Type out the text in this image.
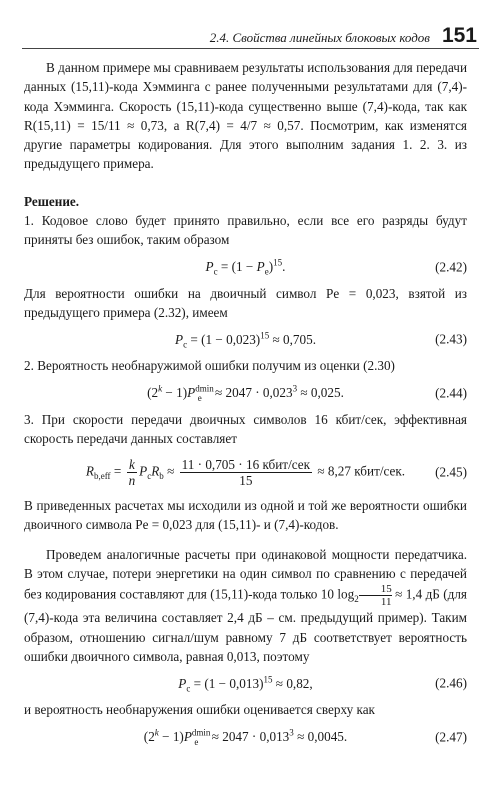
2.4. Свойства линейных блоковых кодов 151

В данном примере мы сравниваем результаты использования для передачи данных (15,11)-кода Хэмминга с ранее полученными результатами для (7,4)-кода Хэмминга. Скорость (15,11)-кода существенно выше (7,4)-кода, так как R(15,11) = 15/11 ≈ 0,73, а R(7,4) = 4/7 ≈ 0,57. Посмотрим, как изменятся другие параметры кодирования. Для этого выполним задания 1. 2. 3. из предыдущего примера.

Решение.

1. Кодовое слово будет принято правильно, если все его разряды будут приняты без ошибок, таким образом

$P_c = (1 - P_e)^{15}$.	(2.42)

Для вероятности ошибки на двоичный символ Pe = 0,023, взятой из предыдущего примера (2.32), имеем

$P_c = (1 - 0,023)^{15} \approx 0,705$.	(2.43)

2. Вероятность необнаружимой ошибки получим из оценки (2.30)

$(2^k - 1)P^{dmin}_e \approx 2047 \cdot 0,023^3 \approx 0,025$.	(2.44)

3. При скорости передачи двоичных символов 16 кбит/сек, эффективная скорость передачи данных составляет

$R_{b,eff} = \frac{k}{n} P_cR_b \approx \frac{\text{11 · 0,705 · 16 кбит/сек}}{15} \approx 8,27$ кбит/сек. (2.45)

В приведенных расчетах мы исходили из одной и той же вероятности ошибки двоичного символа Pe = 0,023 для (15,11)- и (7,4)-кодов.

Проведем аналогичные расчеты при одинаковой мощности передатчика. В этом случае, потери энергетики на один символ по сравнению с передачей без кодирования составляют для (15,11)-кода только 10 $\log_2 \frac{15}{11} \approx 1,4$ дБ (для (7,4)-кода эта величина составляет 2,4 дБ – см. предыдущий пример). Таким образом, отношению сигнал/шум равному 7 дБ соответствует вероятность ошибки двоичного символа, равная 0,013, поэтому

$P_c = (1 - 0,013)^{15} \approx 0,82$,	(2.46)

и вероятность необнаружения ошибки оценивается сверху как

$(2^k - 1)P^{dmin}_e \approx 2047 \cdot 0,013^3 \approx 0,0045$.	(2.47)
